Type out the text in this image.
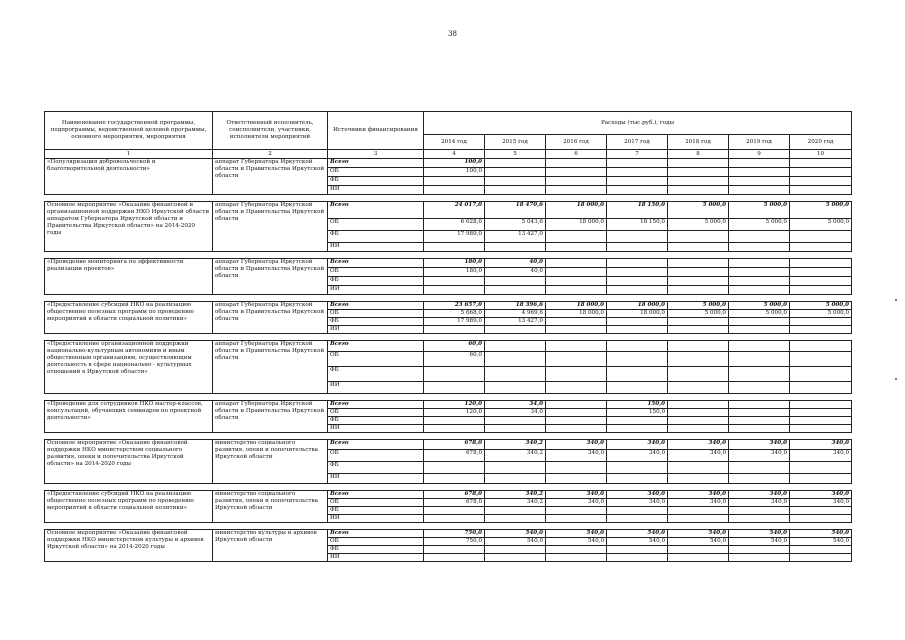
38
Наименование государственной программы, подпрограммы, ведомственной целевой программы, основного мероприятия, мероприятия	Ответственный исполнитель, соисполнители, участники, исполнители мероприятий	Источники финансирования	Расходы (тыс.руб.), годы						
			2014 год	2015 год	2016 год	2017 год	2018 год	2019 год	2020 год
1	2	3	4	5	6	7	8	9	10
«Популяризация добровольческой и благотворительной деятельности»	аппарат Губернатора Иркутской области и Правительства Иркутской области	Всего	100,0						
		ОБ	100,0						
		ФБ							
		ИИ							

Основное мероприятие «Оказание финансовой и организационной поддержки НКО Иркутской области аппаратом Губернатора Иркутской области и Правительства Иркутской области» на 2014-2020 годы	аппарат Губернатора Иркутской области и Правительства Иркутской области	Всего	24 017,0	18 470,6	18 000,0	18 150,0	5 000,0	5 000,0	5 000,0
		ОБ	6 028,0	5 043,6	18 000,0	18 150,0	5 000,0	5 000,0	5 000,0
		ФБ	17 989,0	13 427,0					
		ИИ							

«Проведение мониторинга по эффективности реализации проектов»	аппарат Губернатора Иркутской области и Правительства Иркутской области	Всего	180,0	40,0					
		ОБ	180,0	40,0					
		ФБ							
		ИИ							

«Предоставление субсидий НКО на реализацию общественно полезных программ по проведению мероприятий в области социальной политики»	аппарат Губернатора Иркутской области и Правительства Иркутской области	Всего	23 657,0	18 396,6	18 000,0	18 000,0	5 000,0	5 000,0	5 000,0
		ОБ	5 668,0	4 969,6	18 000,0	18 000,0	5 000,0	5 000,0	5 000,0
		ФБ	17 989,0	13 427,0					
		ИИ							

«Предоставление организационной поддержки национально-культурным автономиям и иным общественным организациям, осуществляющим деятельность в сфере национально - культурных отношений в Иркутской области»	аппарат Губернатора Иркутской области и Правительства Иркутской области	Всего	60,0						
		ОБ	60,0						
		ФБ							
		ИИ							

«Проведение для сотрудников НКО мастер-классов, консультаций, обучающих семинаров по проектной деятельности»	аппарат Губернатора Иркутской области и Правительства Иркутской области	Всего	120,0	34,0		150,0			
		ОБ	120,0	34,0		150,0			
		ФБ							
		ИИ							

Основное мероприятие «Оказание финансовой поддержки НКО министерством социального развития, опеки и попечительства Иркутской области» на 2014-2020 годы	министерство социального развития, опеки и попечительства Иркутской области	Всего	678,0	340,2	340,0	340,0	340,0	340,0	340,0
		ОБ	678,0	340,2	340,0	340,0	340,0	340,0	340,0
		ФБ							
		ИИ							

«Предоставление субсидий НКО на реализацию общественно полезных программ по проведению мероприятий в области социальной политики»	министерство социального развития, опеки и попечительства Иркутской области	Всего	678,0	340,2	340,0	340,0	340,0	340,0	340,0
		ОБ	678,0	340,2	340,0	340,0	340,0	340,0	340,0
		ФБ							
		ИИ							

Основное мероприятие «Оказание финансовой поддержки НКО министерством культуры и архивов Иркутской области» на 2014-2020 годы	министерство культуры и архивов Иркутской области	Всего	750,0	540,0	540,0	540,0	540,0	540,0	540,0
		ОБ	750,0	540,0	540,0	540,0	540,0	540,0	540,0
		ФБ							
		ИИ							
